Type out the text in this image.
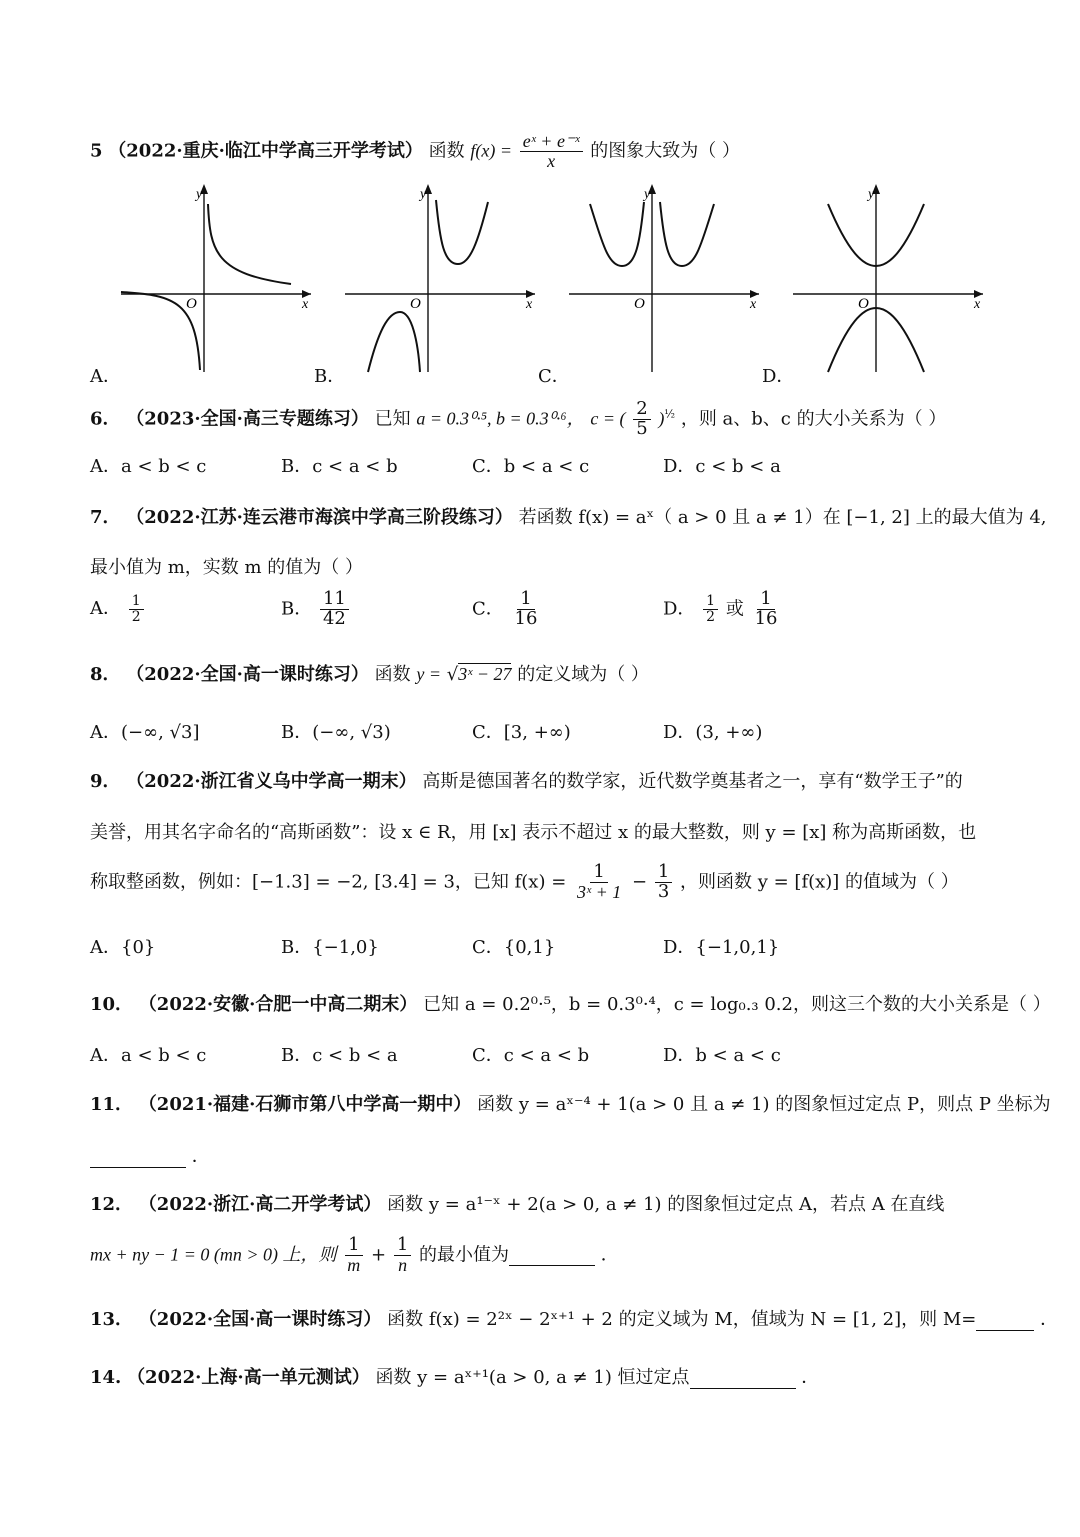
5 （2022·重庆·临江中学高三开学考试） 函数 $f(x) = \frac{\text{eˣ + e⁻ˣ}}{x}$ 的图象大致为（ ）
y
x
O
A．
y
x
O
B．
y
x
O
C．
y
x
O
D．
6． （2023·全国·高三专题练习） 已知 a = 0.3⁰·⁵, b = 0.3⁰·⁶， c = ( $\frac{2}{5} )^{\frac{1}{2}}$ ，则 a、b、c 的大小关系为（ ）
A．a < b < c	B．c < a < b	C．b < a < c	D．c < b < a
7． （2022·江苏·连云港市海滨中学高三阶段练习） 若函数 f(x) = aˣ（ a > 0 且 a ≠ 1）在 [−1, 2] 上的最大值为 4,
最小值为 m，实数 m 的值为（ ）
A． $\frac{1}{2}$	B． $\frac{11}{42}$	C． $\frac{1}{16}$	D． $\frac{1}{2}$ 或 $\frac{1}{16}$
8． （2022·全国·高一课时练习） 函数 y = √3ˣ − 27 的定义域为（ ）
A．(−∞, √3]	B．(−∞, √3)	C．[3, +∞)	D．(3, +∞)
9． （2022·浙江省义乌中学高一期末） 高斯是德国著名的数学家，近代数学奠基者之一，享有“数学王子”的
美誉，用其名字命名的“高斯函数”：设 x ∈ R，用 [x] 表示不超过 x 的最大整数，则 y = [x] 称为高斯函数，也
称取整函数，例如：[−1.3] = −2, [3.4] = 3，已知 $f(x) = \frac{1}{\text{3ˣ + 1}} - \frac{1}{3}$ ，则函数 y = [f(x)] 的值域为（ ）
A．{0}	B．{−1,0}	C．{0,1}	D．{−1,0,1}
10． （2022·安徽·合肥一中高二期末） 已知 a = 0.2⁰·⁵，b = 0.3⁰·⁴，c = log₀.₃ 0.2，则这三个数的大小关系是（ ）
A．a < b < c	B．c < b < a	C．c < a < b	D．b < a < c
11． （2021·福建·石狮市第八中学高一期中） 函数 y = aˣ⁻⁴ + 1(a > 0 且 a ≠ 1) 的图象恒过定点 P，则点 P 坐标为
．
12． （2022·浙江·高二开学考试） 函数 y = a¹⁻ˣ + 2(a > 0, a ≠ 1) 的图象恒过定点 A，若点 A 在直线
mx + ny − 1 = 0 (mn > 0) 上，则 $\frac{1}{m} + \frac{1}{n}$ 的最小值为	．
13． （2022·全国·高一课时练习） 函数 f(x) = 2²ˣ − 2ˣ⁺¹ + 2 的定义域为 M，值域为 N = [1, 2]，则 M=	．
14. （2022·上海·高一单元测试） 函数 y = aˣ⁺¹(a > 0, a ≠ 1) 恒过定点	．
